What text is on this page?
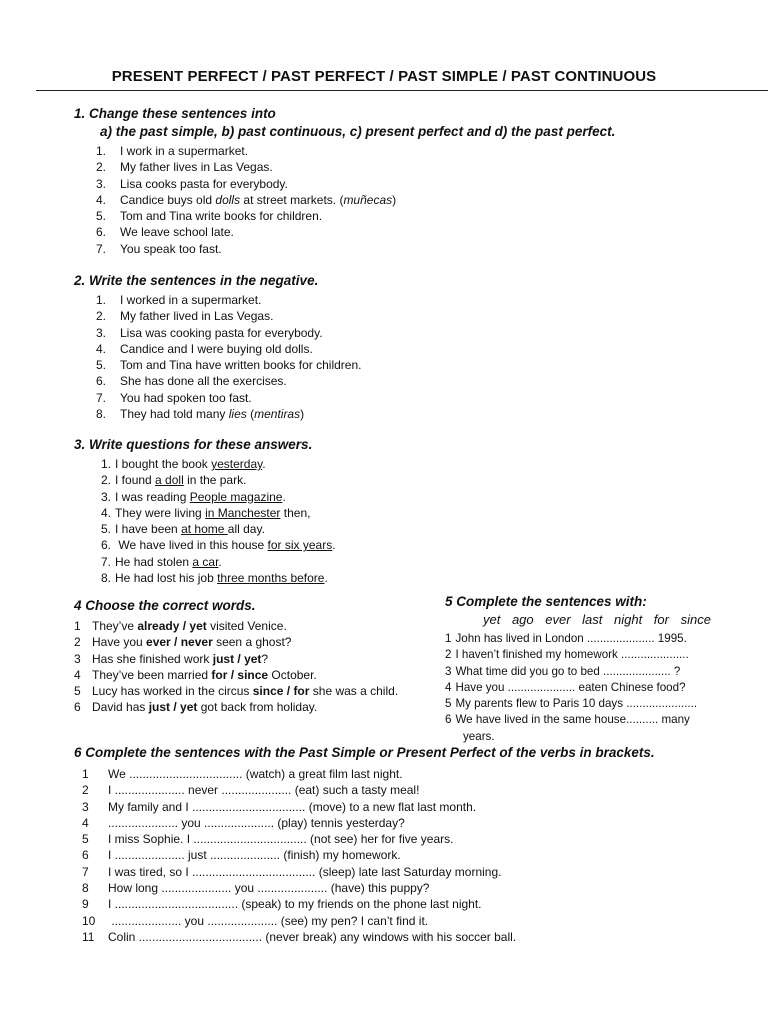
PRESENT PERFECT / PAST PERFECT / PAST SIMPLE / PAST CONTINUOUS

1. Change these sentences into

a) the past simple, b) past continuous, c) present perfect and d) the past perfect.

1.	I work in a supermarket.
2.	My father lives in Las Vegas.
3.	Lisa cooks pasta for everybody.
4.	Candice buys old dolls at street markets. (muñecas)
5.	Tom and Tina write books for children.
6.	We leave school late.
7.	You speak too fast.

2. Write the sentences in the negative.

1.	I worked in a supermarket.
2.	My father lived in Las Vegas.
3.	Lisa was cooking pasta for everybody.
4.	Candice and I were buying old dolls.
5.	Tom and Tina have written books for children.
6.	She has done all the exercises.
7.	You had spoken too fast.
8.	They had told many lies (mentiras)

3. Write questions for these answers.

1. I bought the book yesterday.
2. I found a doll in the park.
3. I was reading People magazine.
4. They were living in Manchester then,
5. I have been at home all day.
6. We have lived in this house for six years.
7. He had stolen a car.
8. He had lost his job three months before.

4 Choose the correct words.

1 They’ve already / yet visited Venice.
2 Have you ever / never seen a ghost?
3 Has she finished work just / yet?
4 They’ve been married for / since October.
5 Lucy has worked in the circus since / for she was a child.
6 David has just / yet got back from holiday.

5 Complete the sentences with:

yet ago ever last night for since
1 John has lived in London ..................... 1995.
2 I haven’t finished my homework .....................
3 What time did you go to bed ..................... ?
4 Have you ..................... eaten Chinese food?
5 My parents flew to Paris 10 days ......................
6 We have lived in the same house.......... many
years.

6 Complete the sentences with the Past Simple or Present Perfect of the verbs in brackets.

1	We .................................. (watch) a great film last night.
2	I ..................... never ..................... (eat) such a tasty meal!
3	My family and I .................................. (move) to a new flat last month.
4	..................... you ..................... (play) tennis yesterday?
5	I miss Sophie. I .................................. (not see) her for five years.
6	I ..................... just ..................... (finish) my homework.
7	I was tired, so I ..................................... (sleep) late last Saturday morning.
8	How long ..................... you ..................... (have) this puppy?
9	I ..................................... (speak) to my friends on the phone last night.
10	..................... you ..................... (see) my pen? I can’t find it.
11	Colin ..................................... (never break) any windows with his soccer ball.
